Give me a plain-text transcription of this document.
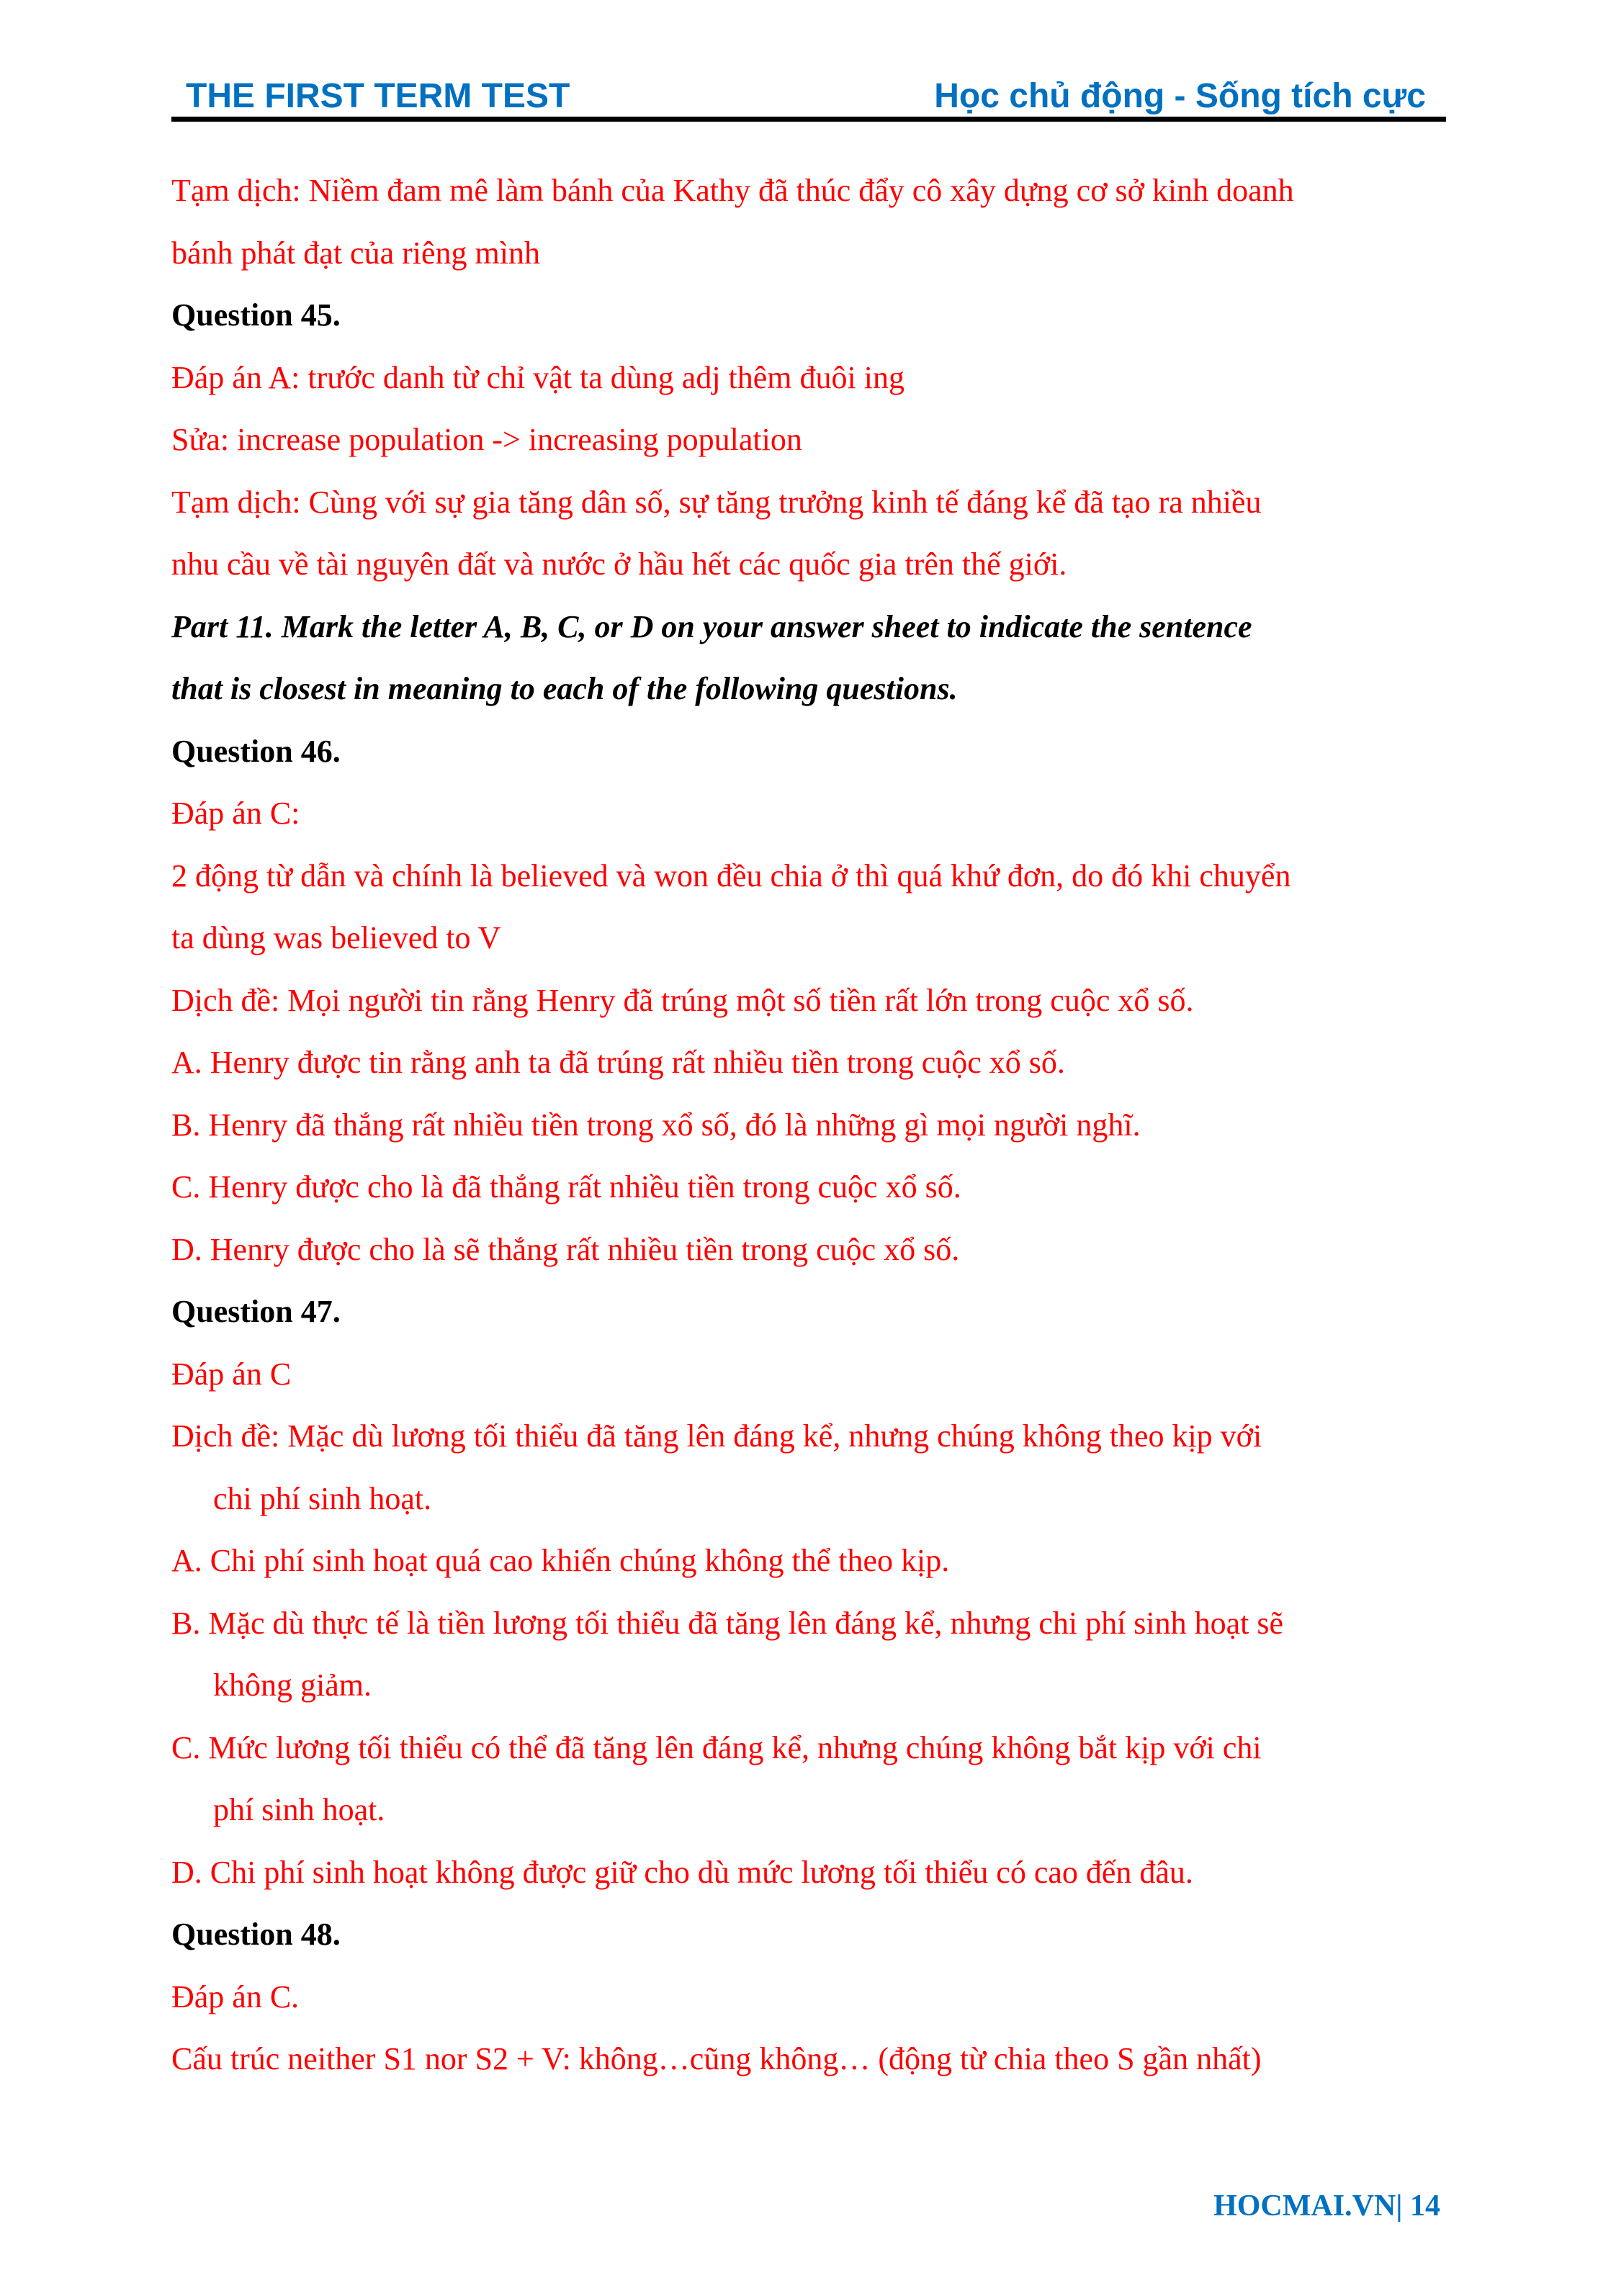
THE FIRST TERM TEST	Học chủ động - Sống tích cực
Tạm dịch: Niềm đam mê làm bánh của Kathy đã thúc đẩy cô xây dựng cơ sở kinh doanh
bánh phát đạt của riêng mình
Question 45.
Đáp án A: trước danh từ chỉ vật ta dùng adj thêm đuôi ing
Sửa: increase population -> increasing population
Tạm dịch: Cùng với sự gia tăng dân số, sự tăng trưởng kinh tế đáng kể đã tạo ra nhiều
nhu cầu về tài nguyên đất và nước ở hầu hết các quốc gia trên thế giới.
Part 11. Mark the letter A, B, C, or D on your answer sheet to indicate the sentence
that is closest in meaning to each of the following questions.
Question 46.
Đáp án C:
2 động từ dẫn và chính là believed và won đều chia ở thì quá khứ đơn, do đó khi chuyển
ta dùng was believed to V
Dịch đề: Mọi người tin rằng Henry đã trúng một số tiền rất lớn trong cuộc xổ số.
A. Henry được tin rằng anh ta đã trúng rất nhiều tiền trong cuộc xổ số.
B. Henry đã thắng rất nhiều tiền trong xổ số, đó là những gì mọi người nghĩ.
C. Henry được cho là đã thắng rất nhiều tiền trong cuộc xổ số.
D. Henry được cho là sẽ thắng rất nhiều tiền trong cuộc xổ số.
Question 47.
Đáp án C
Dịch đề: Mặc dù lương tối thiểu đã tăng lên đáng kể, nhưng chúng không theo kịp với
chi phí sinh hoạt.
A. Chi phí sinh hoạt quá cao khiến chúng không thể theo kịp.
B. Mặc dù thực tế là tiền lương tối thiểu đã tăng lên đáng kể, nhưng chi phí sinh hoạt sẽ
không giảm.
C. Mức lương tối thiểu có thể đã tăng lên đáng kể, nhưng chúng không bắt kịp với chi
phí sinh hoạt.
D. Chi phí sinh hoạt không được giữ cho dù mức lương tối thiểu có cao đến đâu.
Question 48.
Đáp án C.
Cấu trúc neither S1 nor S2 + V: không…cũng không… (động từ chia theo S gần nhất)
HOCMAI.VN| 14
